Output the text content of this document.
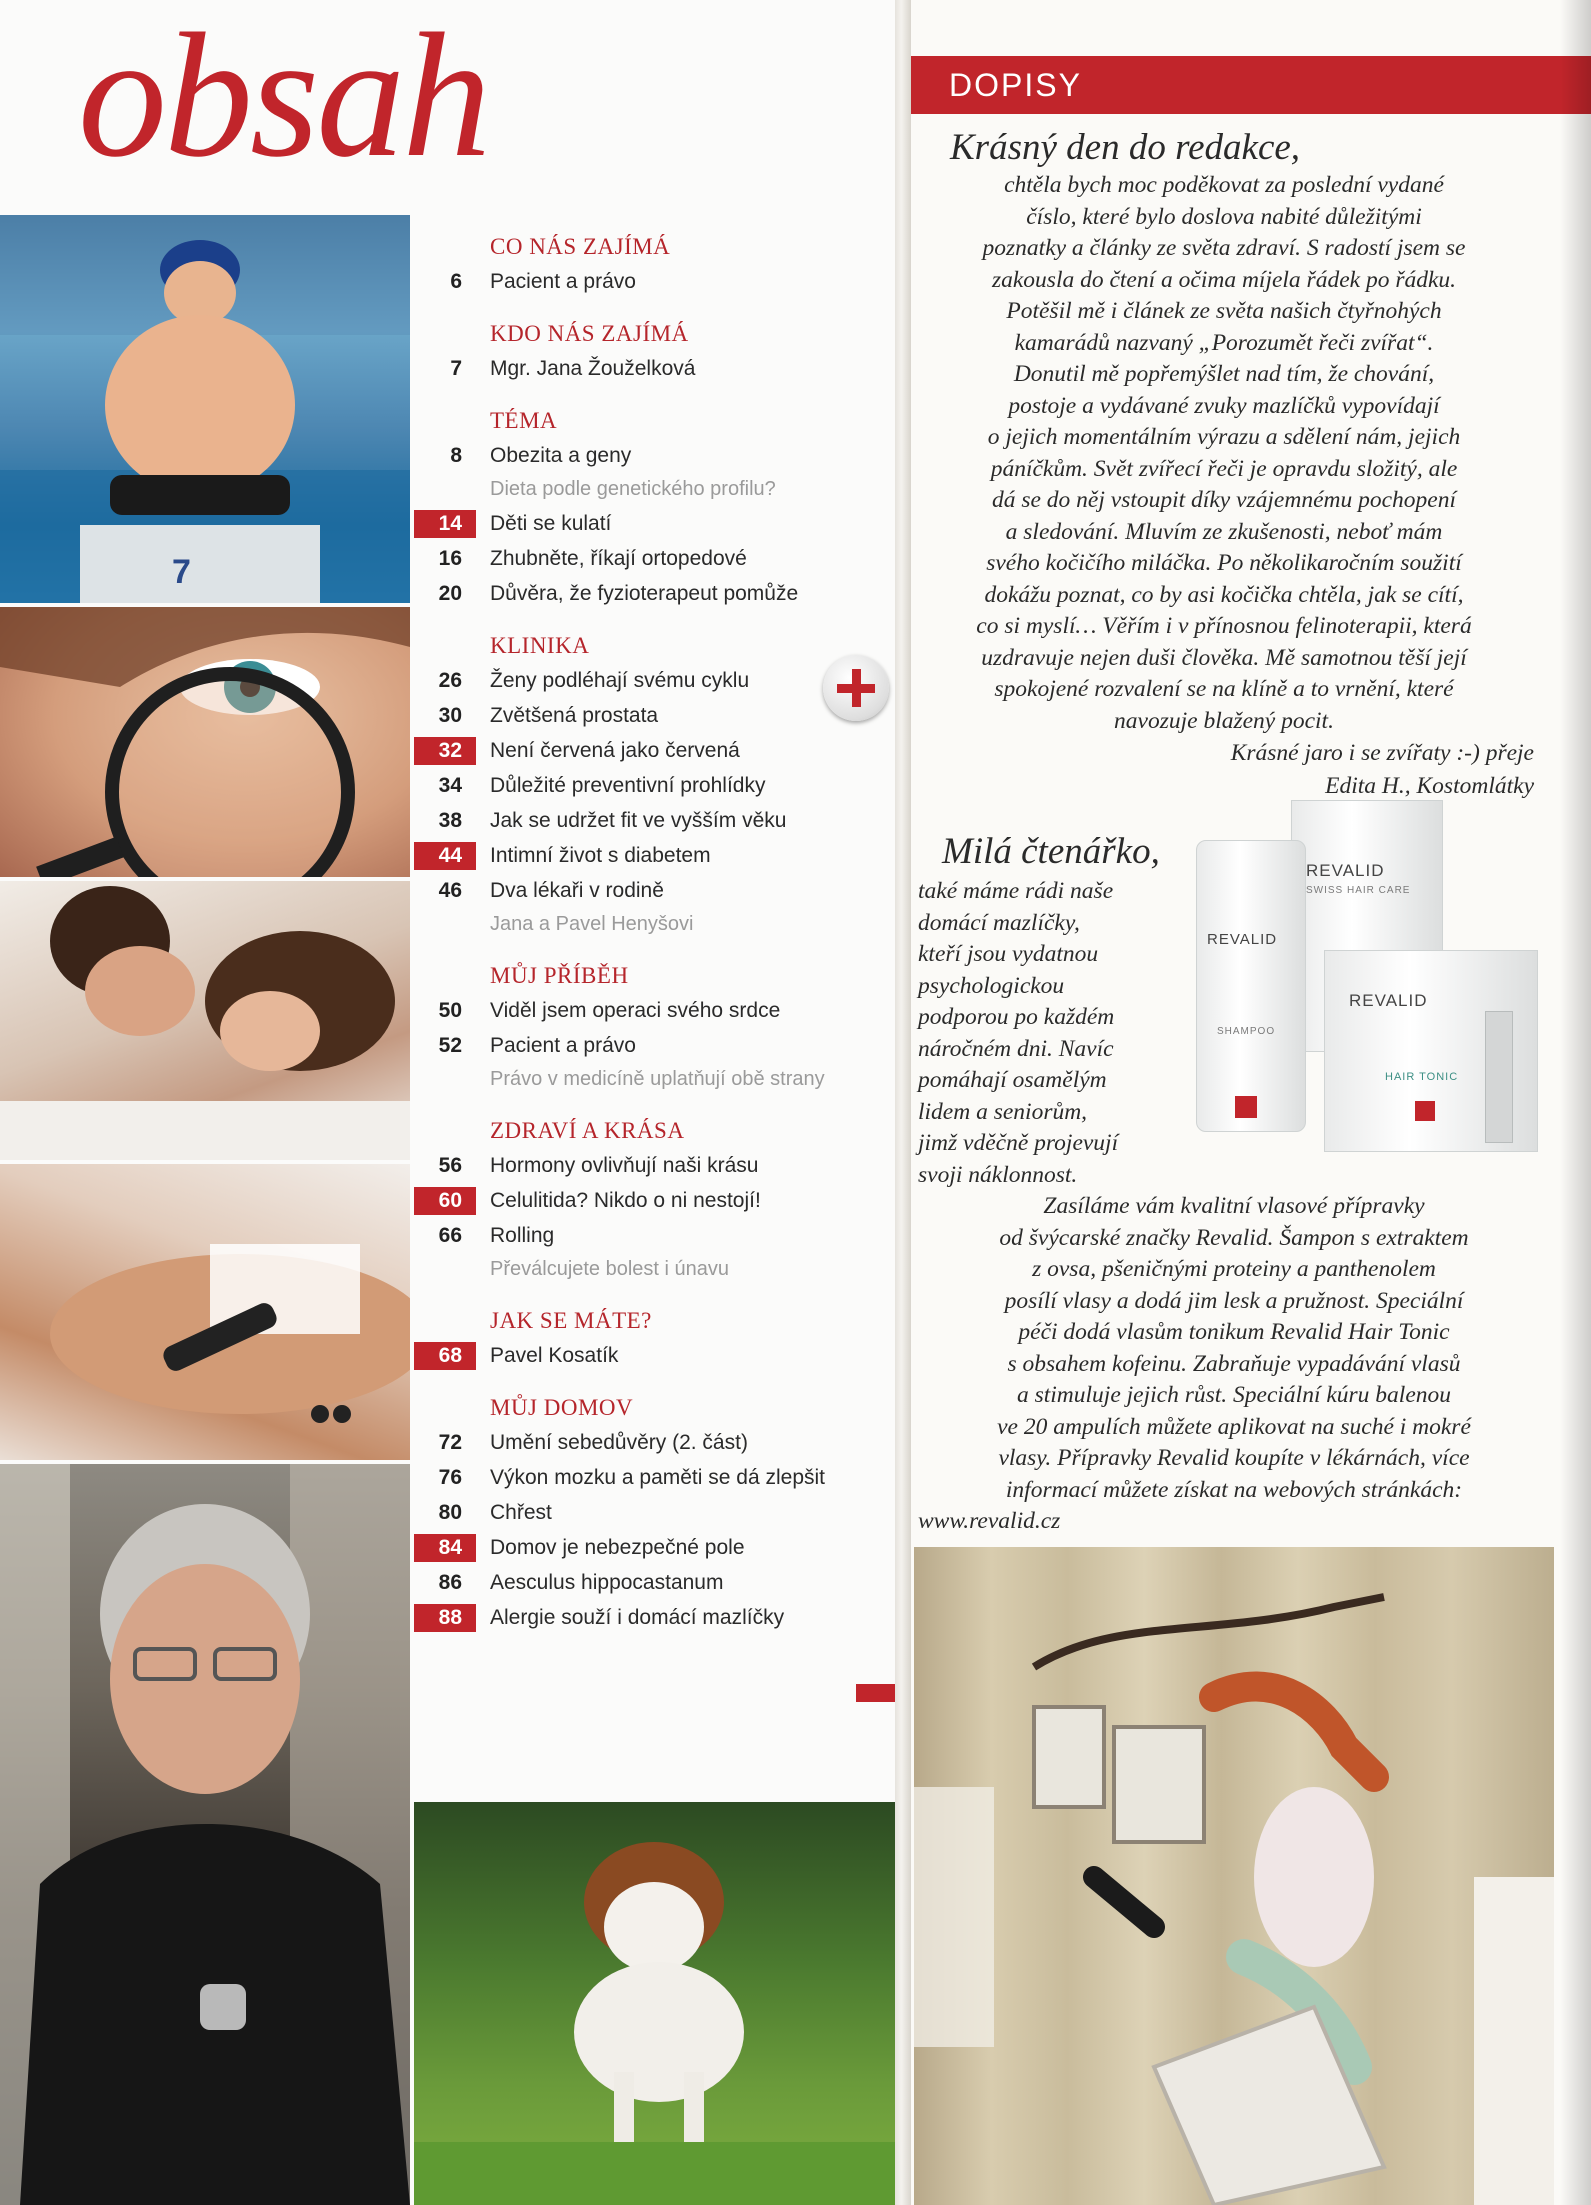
obsah
7
CO NÁS ZAJÍMÁ
6	Pacient a právo
KDO NÁS ZAJÍMÁ
7	Mgr. Jana Žouželková
TÉMA
8	Obezita a geny
Dieta podle genetického profilu?
14	Děti se kulatí
16	Zhubněte, říkají ortopedové
20	Důvěra, že fyzioterapeut pomůže
KLINIKA
26	Ženy podléhají svému cyklu
30	Zvětšená prostata
32	Není červená jako červená
34	Důležité preventivní prohlídky
38	Jak se udržet fit ve vyšším věku
44	Intimní život s diabetem
46	Dva lékaři v rodině
Jana a Pavel Henyšovi
MŮJ PŘÍBĚH
50	Viděl jsem operaci svého srdce
52	Pacient a právo
Právo v medicíně uplatňují obě strany
ZDRAVÍ A KRÁSA
56	Hormony ovlivňují naši krásu
60	Celulitida? Nikdo o ni nestojí!
66	Rolling
Převálcujete bolest i únavu
JAK SE MÁTE?
68	Pavel Kosatík
MŮJ DOMOV
72	Umění sebedůvěry (2. část)
76	Výkon mozku a paměti se dá zlepšit
80	Chřest
84	Domov je nebezpečné pole
86	Aesculus hippocastanum
88	Alergie souží i domácí mazlíčky
DOPISY

Krásný den do redakce,

chtěla bych moc poděkovat za poslední vydané
číslo, které bylo doslova nabité důležitými
poznatky a články ze světa zdraví. S radostí jsem se
zakousla do čtení a očima míjela řádek po řádku.
Potěšil mě i článek ze světa našich čtyřnohých
kamarádů nazvaný „Porozumět řeči zvířat“.
Donutil mě popřemýšlet nad tím, že chování,
postoje a vydávané zvuky mazlíčků vypovídají
o jejich momentálním výrazu a sdělení nám, jejich
páníčkům. Svět zvířecí řeči je opravdu složitý, ale
dá se do něj vstoupit díky vzájemnému pochopení
a sledování. Mluvím ze zkušenosti, neboť mám
svého kočičího miláčka. Po několikaročním soužití
dokážu poznat, co by asi kočička chtěla, jak se cítí,
co si myslí… Věřím i v přínosnou felinoterapii, která
uzdravuje nejen duši člověka. Mě samotnou těší její
spokojené rozvalení se na klíně a to vrnění, které
navozuje blažený pocit.

Krásné jaro i se zvířaty :-) přeje
Edita H., Kostomlátky

Milá čtenářko,

také máme rádi naše
domácí mazlíčky,
kteří jsou vydatnou
psychologickou
podporou po každém
náročném dni. Navíc
pomáhají osamělým
lidem a seniorům,
jimž vděčně projevují
svoji náklonnost.

Zasíláme vám kvalitní vlasové přípravky
od švýcarské značky Revalid. Šampon s extraktem
z ovsa, pšeničnými proteiny a panthenolem
posílí vlasy a dodá jim lesk a pružnost. Speciální
péči dodá vlasům tonikum Revalid Hair Tonic
s obsahem kofeinu. Zabraňuje vypadávání vlasů
a stimuluje jejich růst. Speciální kúru balenou
ve 20 ampulích můžete aplikovat na suché i mokré
vlasy. Přípravky Revalid koupíte v lékárnách, více
informací můžete získat na webových stránkách:
www.revalid.cz

REVALID
SWISS HAIR CARE
REVALID
SHAMPOO
REVALID
HAIR TONIC
